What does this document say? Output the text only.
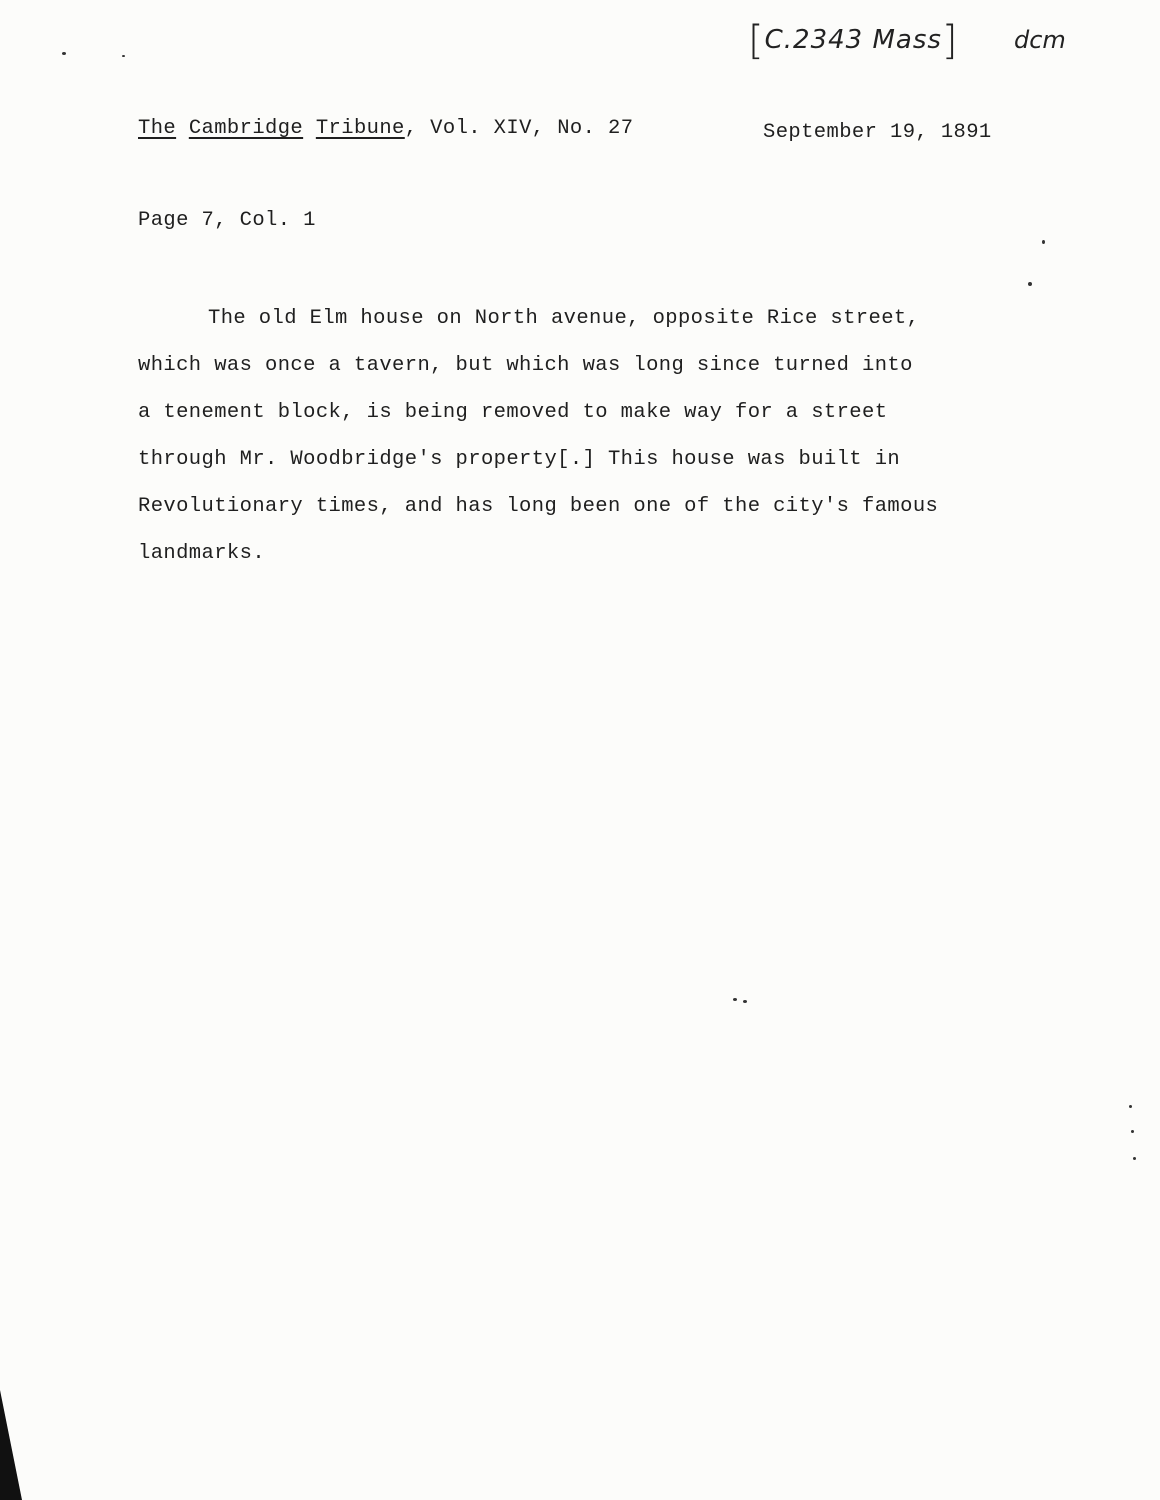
[C.2343 Mass] dcm
The Cambridge Tribune, Vol. XIV, No. 27	September 19, 1891
Page 7, Col. 1
The old Elm house on North avenue, opposite Rice street,
which was once a tavern, but which was long since turned into
a tenement block, is being removed to make way for a street
through Mr. Woodbridge's property[.] This house was built in
Revolutionary times, and has long been one of the city's famous
landmarks.
